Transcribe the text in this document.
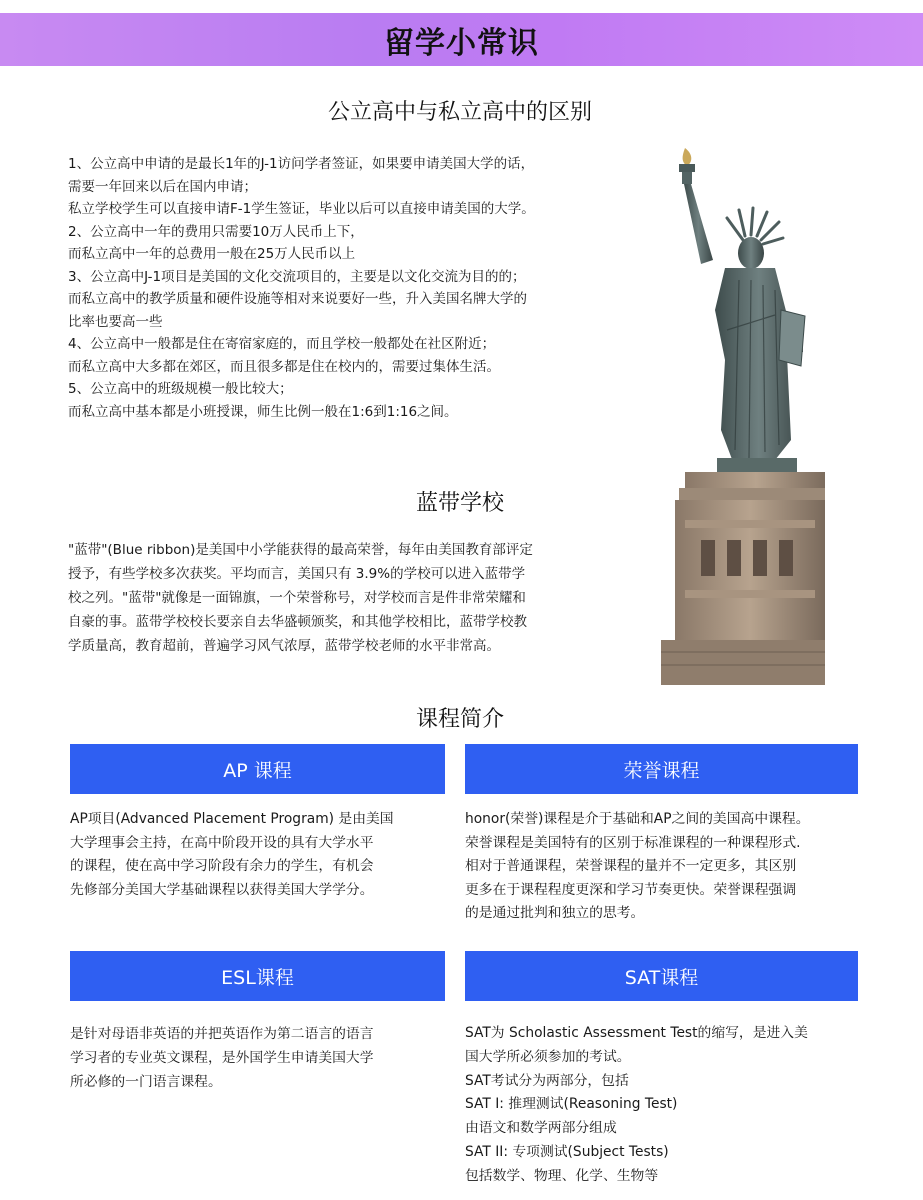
留学小常识
公立高中与私立高中的区别
1、公立高中申请的是最长1年的J-1访问学者签证，如果要申请美国大学的话，
需要一年回来以后在国内申请；
私立学校学生可以直接申请F-1学生签证，毕业以后可以直接申请美国的大学。
2、公立高中一年的费用只需要10万人民币上下，
而私立高中一年的总费用一般在25万人民币以上
3、公立高中J-1项目是美国的文化交流项目的，主要是以文化交流为目的的；
而私立高中的教学质量和硬件设施等相对来说要好一些，升入美国名牌大学的
比率也要高一些
4、公立高中一般都是住在寄宿家庭的，而且学校一般都处在社区附近；
而私立高中大多都在郊区，而且很多都是住在校内的，需要过集体生活。
5、公立高中的班级规模一般比较大；
而私立高中基本都是小班授课，师生比例一般在1:6到1:16之间。
蓝带学校
"蓝带"(Blue ribbon)是美国中小学能获得的最高荣誉，每年由美国教育部评定
授予，有些学校多次获奖。平均而言，美国只有 3.9%的学校可以进入蓝带学
校之列。"蓝带"就像是一面锦旗，一个荣誉称号，对学校而言是件非常荣耀和
自豪的事。蓝带学校校长要亲自去华盛顿颁奖，和其他学校相比，蓝带学校教
学质量高，教育超前，普遍学习风气浓厚，蓝带学校老师的水平非常高。
课程简介
AP 课程
AP项目(Advanced Placement Program) 是由美国
大学理事会主持，在高中阶段开设的具有大学水平
的课程，使在高中学习阶段有余力的学生，有机会
先修部分美国大学基础课程以获得美国大学学分。
荣誉课程
honor(荣誉)课程是介于基础和AP之间的美国高中课程。
荣誉课程是美国特有的区别于标准课程的一种课程形式.
相对于普通课程，荣誉课程的量并不一定更多，其区别
更多在于课程程度更深和学习节奏更快。荣誉课程强调
的是通过批判和独立的思考。
ESL课程
是针对母语非英语的并把英语作为第二语言的语言
学习者的专业英文课程，是外国学生申请美国大学
所必修的一门语言课程。
SAT课程
SAT为 Scholastic Assessment Test的缩写，是进入美
国大学所必须参加的考试。
SAT考试分为两部分，包括
SAT I: 推理测试(Reasoning Test)
由语文和数学两部分组成
SAT II: 专项测试(Subject Tests)
包括数学、物理、化学、生物等
